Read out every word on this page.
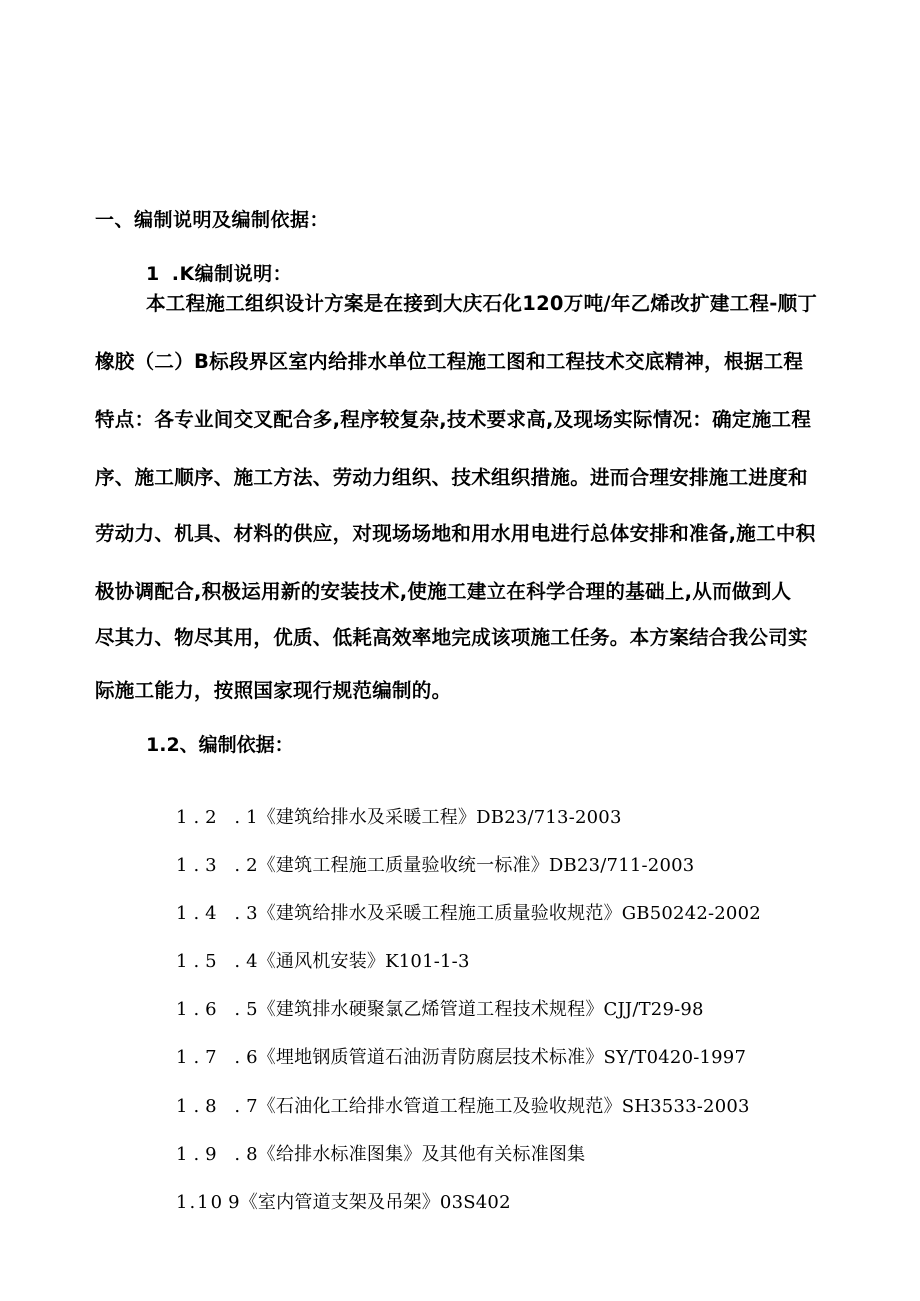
一、编制说明及编制依据：
1 .K编制说明：
本工程施工组织设计方案是在接到大庆石化120万吨/年乙烯改扩建工程-顺丁
橡胶（二）B标段界区室内给排水单位工程施工图和工程技术交底精神，根据工程
特点：各专业间交叉配合多,程序较复杂,技术要求高,及现场实际情况：确定施工程
序、施工顺序、施工方法、劳动力组织、技术组织措施。进而合理安排施工进度和
劳动力、机具、材料的供应，对现场场地和用水用电进行总体安排和准备,施工中积
极协调配合,积极运用新的安装技术,使施工建立在科学合理的基础上,从而做到人
尽其力、物尽其用，优质、低耗高效率地完成该项施工任务。本方案结合我公司实
际施工能力，按照国家现行规范编制的。
1.2、编制依据：
1.2 .1《建筑给排水及采暖工程》DB23/713-2003
1.3 .2《建筑工程施工质量验收统一标准》DB23/711-2003
1.4 .3《建筑给排水及采暖工程施工质量验收规范》GB50242-2002
1.5 .4《通风机安装》K101-1-3
1.6 .5《建筑排水硬聚氯乙烯管道工程技术规程》CJJ/T29-98
1.7 .6《埋地钢质管道石油沥青防腐层技术标准》SY/T0420-1997
1.8 .7《石油化工给排水管道工程施工及验收规范》SH3533-2003
1.9 .8《给排水标准图集》及其他有关标准图集
1.10 9《室内管道支架及吊架》03S402
